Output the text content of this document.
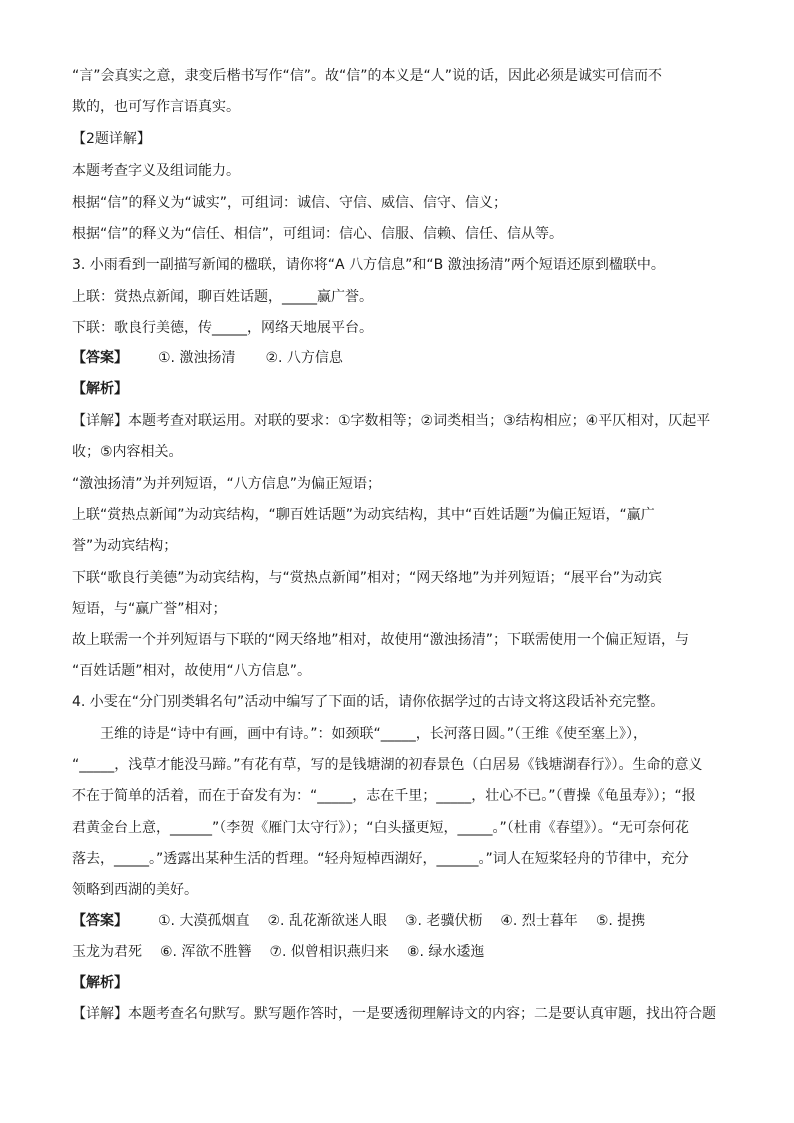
“言”会真实之意，隶变后楷书写作“信”。故“信”的本义是“人”说的话，因此必须是诚实可信而不
欺的，也可写作言语真实。
【2题详解】
本题考查字义及组词能力。
根据“信”的释义为“诚实”，可组词：诚信、守信、威信、信守、信义；
根据“信”的释义为“信任、相信”，可组词：信心、信服、信赖、信任、信从等。
3. 小雨看到一副描写新闻的楹联，请你将“A 八方信息”和“B 激浊扬清”两个短语还原到楹联中。
上联：赏热点新闻，聊百姓话题，_____赢广誉。
下联：歌良行美德，传_____，网络天地展平台。
【答案】 ①. 激浊扬清 ②. 八方信息
【解析】
【详解】本题考查对联运用。对联的要求：①字数相等；②词类相当；③结构相应；④平仄相对，仄起平
收；⑤内容相关。
“激浊扬清”为并列短语，“八方信息”为偏正短语；
上联“赏热点新闻”为动宾结构，“聊百姓话题”为动宾结构，其中“百姓话题”为偏正短语，“赢广
誉”为动宾结构；
下联“歌良行美德”为动宾结构，与“赏热点新闻”相对；“网天络地”为并列短语；“展平台”为动宾
短语，与“赢广誉”相对；
故上联需一个并列短语与下联的“网天络地”相对，故使用“激浊扬清”；下联需使用一个偏正短语，与
“百姓话题”相对，故使用“八方信息”。
4. 小雯在“分门别类辑名句”活动中编写了下面的话，请你依据学过的古诗文将这段话补充完整。
王维的诗是“诗中有画，画中有诗。”：如颈联“_____，长河落日圆。”（王维《使至塞上》），
“_____，浅草才能没马蹄。”有花有草，写的是钱塘湖的初春景色（白居易《钱塘湖春行》）。生命的意义
不在于简单的活着，而在于奋发有为：“_____，志在千里；_____，壮心不已。”（曹操《龟虽寿》）；“报
君黄金台上意，______”（李贺《雁门太守行》）；“白头搔更短，_____。”（杜甫《春望》）。“无可奈何花
落去，_____。”透露出某种生活的哲理。“轻舟短棹西湖好，______。”词人在短桨轻舟的节律中，充分
领略到西湖的美好。
【答案】 ①. 大漠孤烟直 ②. 乱花渐欲迷人眼 ③. 老骥伏枥 ④. 烈士暮年 ⑤. 提携
玉龙为君死 ⑥. 浑欲不胜簪 ⑦. 似曾相识燕归来 ⑧. 绿水逶迤
【解析】
【详解】本题考查名句默写。默写题作答时，一是要透彻理解诗文的内容；二是要认真审题，找出符合题
